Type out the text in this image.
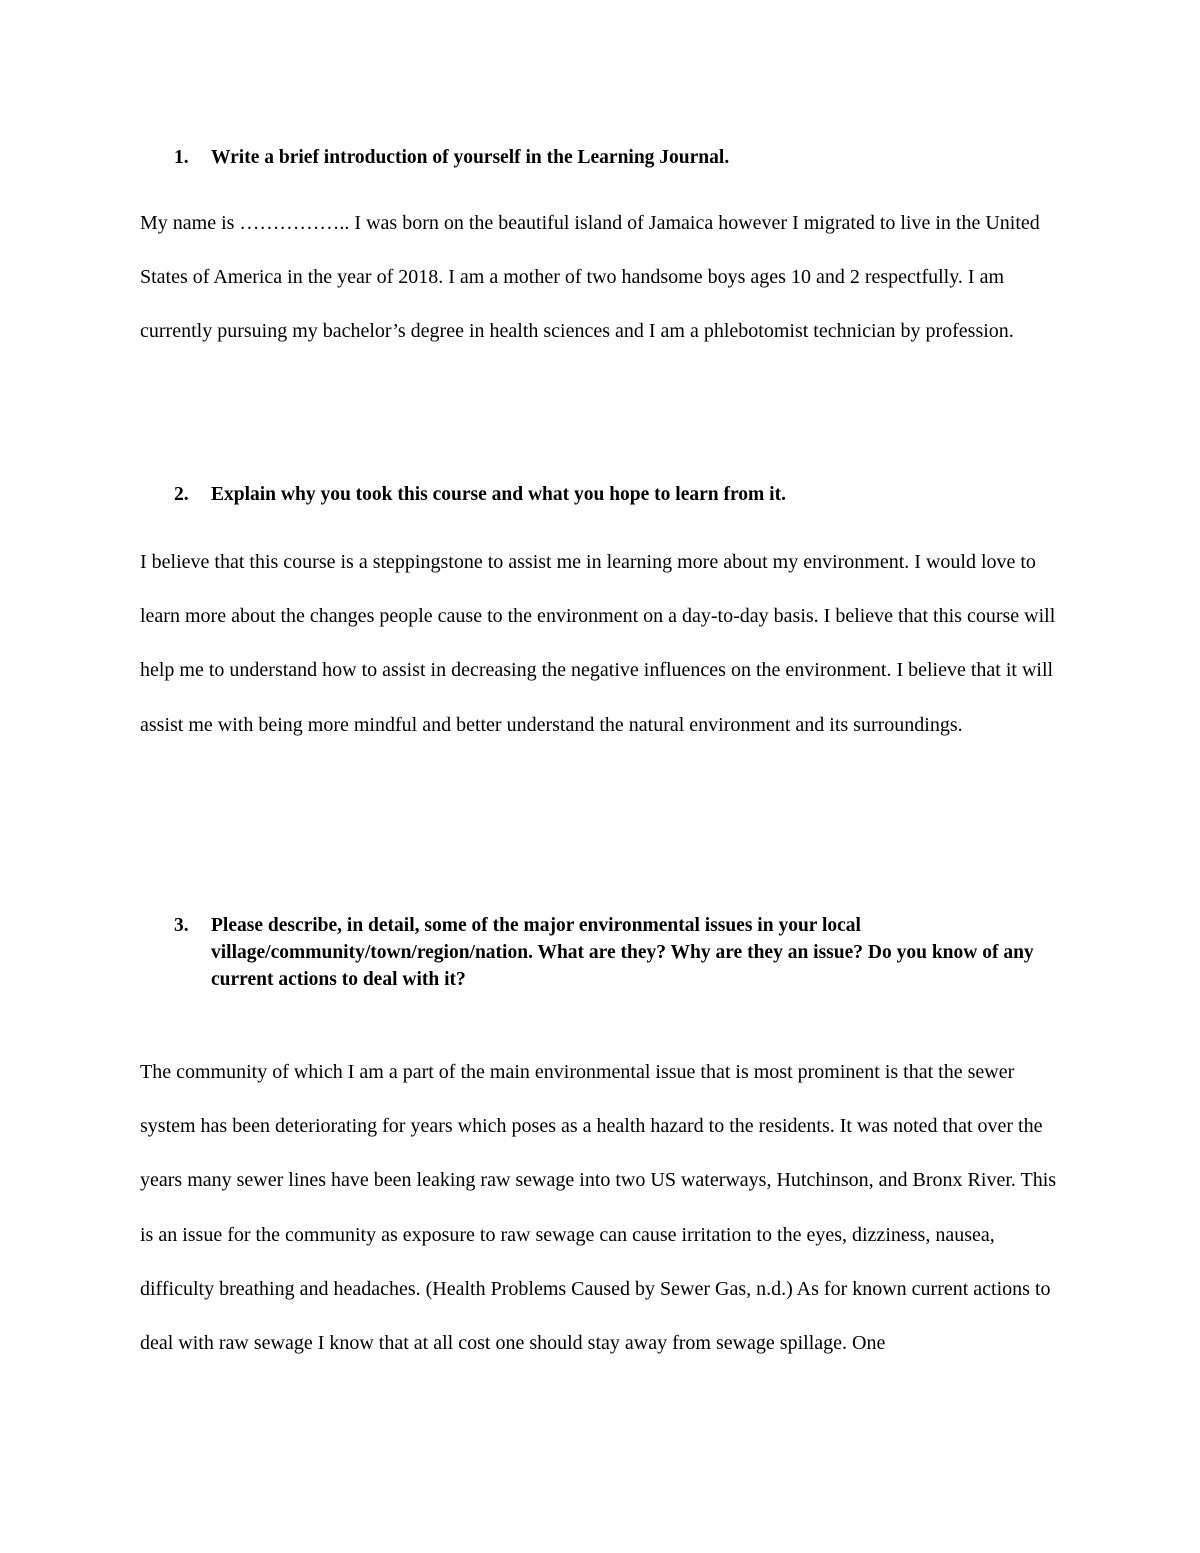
1.	Write a brief introduction of yourself in the Learning Journal.

My name is …………….. I was born on the beautiful island of Jamaica however I migrated to live in the United States of America in the year of 2018. I am a mother of two handsome boys ages 10 and 2 respectfully. I am currently pursuing my bachelor’s degree in health sciences and I am a phlebotomist technician by profession.

2.	Explain why you took this course and what you hope to learn from it.

I believe that this course is a steppingstone to assist me in learning more about my environment. I would love to learn more about the changes people cause to the environment on a day-to-day basis. I believe that this course will help me to understand how to assist in decreasing the negative influences on the environment. I believe that it will assist me with being more mindful and better understand the natural environment and its surroundings.

3.	Please describe, in detail, some of the major environmental issues in your local village/community/town/region/nation. What are they? Why are they an issue? Do you know of any current actions to deal with it?

The community of which I am a part of the main environmental issue that is most prominent is that the sewer system has been deteriorating for years which poses as a health hazard to the residents. It was noted that over the years many sewer lines have been leaking raw sewage into two US waterways, Hutchinson, and Bronx River. This is an issue for the community as exposure to raw sewage can cause irritation to the eyes, dizziness, nausea, difficulty breathing and headaches. (Health Problems Caused by Sewer Gas, n.d.) As for known current actions to deal with raw sewage I know that at all cost one should stay away from sewage spillage. One
